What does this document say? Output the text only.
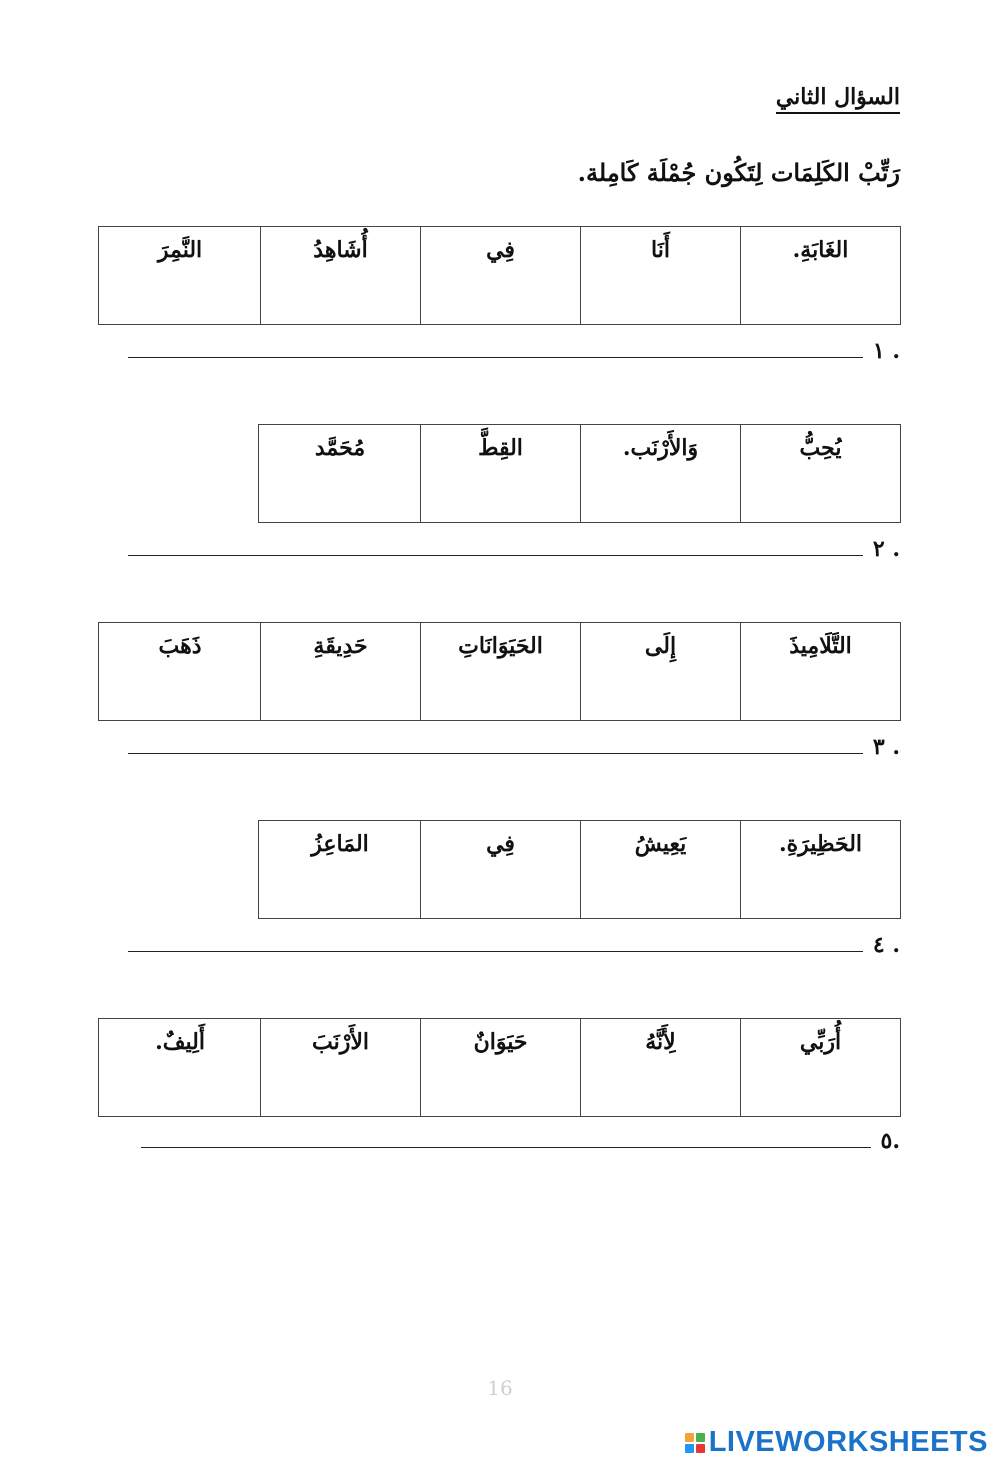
السؤال الثاني
رَتِّبْ الكَلِمَات لِتَكُون جُمْلَة كَامِلة.
الغَابَةِ.
أَنَا
فِي
أُشَاهِدُ
النَّمِرَ
. ١
يُحِبُّ
وَالأَرْنَب.
القِطَّ
مُحَمَّد
. ٢
التَّلَامِيذَ
إِلَى
الحَيَوَانَاتِ
حَدِيقَةِ
ذَهَبَ
. ٣
الحَظِيرَةِ.
يَعِيشُ
فِي
المَاعِزُ
. ٤
أُرَبِّي
لِأَنَّهُ
حَيَوَانٌ
الأَرْنَبَ
أَلِيفٌ.
.٥
16
LIVEWORKSHEETS
